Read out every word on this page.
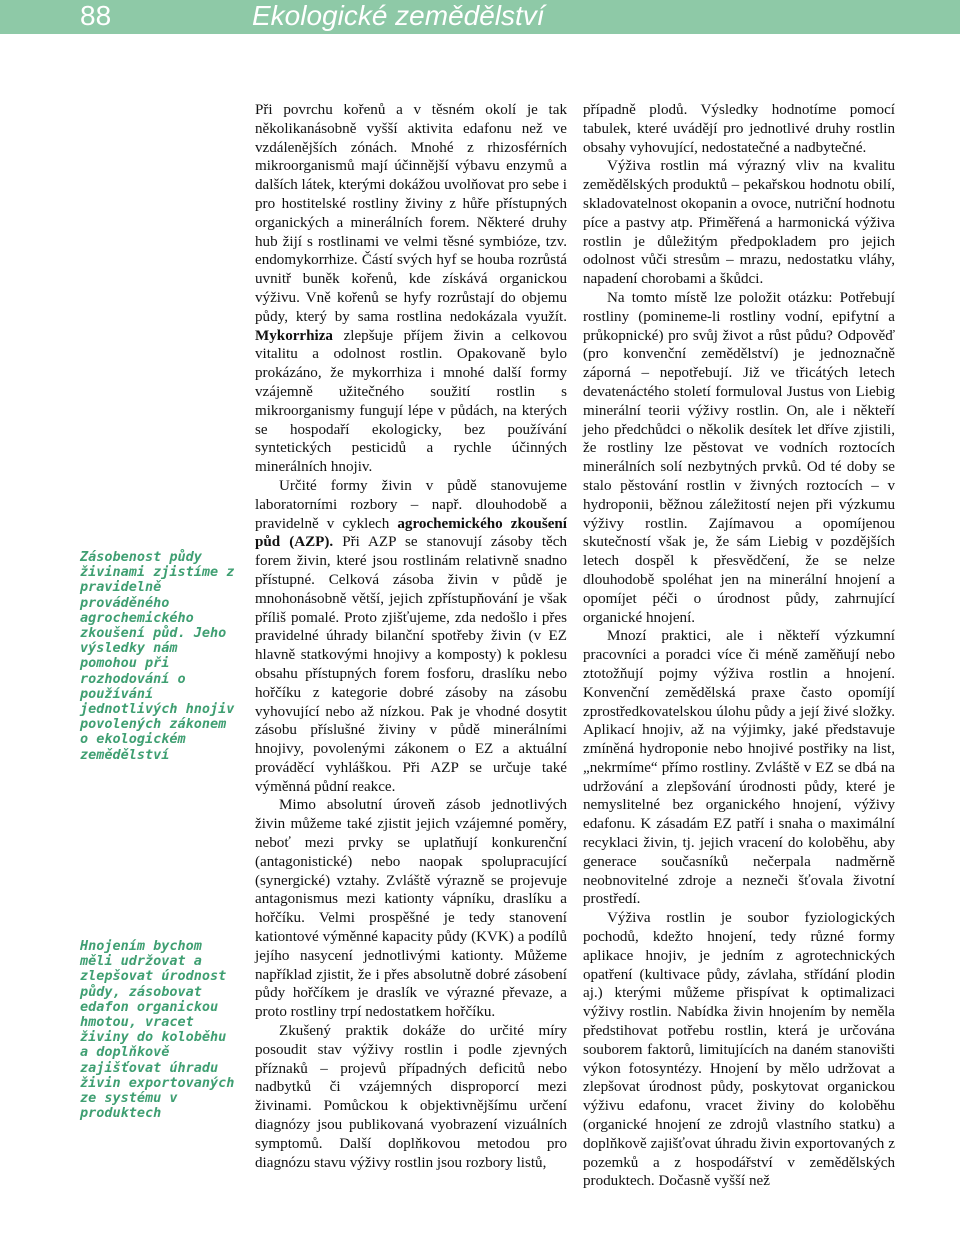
88	Ekologické zemědělství
Zásobenost půdy živinami zjistíme z pravidelně prováděného agrochemického zkoušení půd. Jeho výsledky nám pomohou při rozhodování o používání jednotlivých hnojiv povolených zákonem o ekologickém zemědělství
Hnojením bychom měli udržovat a zlepšovat úrodnost půdy, zásobovat edafon organickou hmotou, vracet živiny do koloběhu a doplňkově zajišťovat úhradu živin exportovaných ze systému v produktech

Při povrchu kořenů a v těsném okolí je tak několikanásobně vyšší aktivita edafonu než ve vzdálenějších zónách. Mnohé z rhizosférních mikroorganismů mají účinnější výbavu enzymů a dalších látek, kterými dokážou uvolňovat pro sebe i pro hostitelské rostliny živiny z hůře přístupných organických a minerálních forem. Některé druhy hub žijí s rostlinami ve velmi těsné symbióze, tzv. endomykorrhize. Částí svých hyf se houba rozrůstá uvnitř buněk kořenů, kde získává organickou výživu. Vně kořenů se hyfy rozrůstají do objemu půdy, který by sama rostlina nedokázala využít. Mykorrhiza zlepšuje příjem živin a celkovou vitalitu a odolnost rostlin. Opakovaně bylo prokázáno, že mykorrhiza i mnohé další formy vzájemně užitečného soužití rostlin s mikroorganismy fungují lépe v půdách, na kterých se hospodaří ekologicky, bez používání syntetických pesticidů a rychle účinných minerálních hnojiv.

Určité formy živin v půdě stanovujeme laboratorními rozbory – např. dlouhodobě a pravidelně v cyklech agrochemického zkoušení půd (AZP). Při AZP se stanovují zásoby těch forem živin, které jsou rostlinám relativně snadno přístupné. Celková zásoba živin v půdě je mnohonásobně větší, jejich zpřístupňování je však příliš pomalé. Proto zjišťujeme, zda nedošlo i přes pravidelné úhrady bilanční spotřeby živin (v EZ hlavně statkovými hnojivy a komposty) k poklesu obsahu přístupných forem fosforu, draslíku nebo hořčíku z kategorie dobré zásoby na zásobu vyhovující nebo až nízkou. Pak je vhodné dosytit zásobu příslušné živiny v půdě minerálními hnojivy, povolenými zákonem o EZ a aktuální prováděcí vyhláškou. Při AZP se určuje také výměnná půdní reakce.

Mimo absolutní úroveň zásob jednotlivých živin můžeme také zjistit jejich vzájemné poměry, neboť mezi prvky se uplatňují konkurenční (antagonistické) nebo naopak spolupracující (synergické) vztahy. Zvláště výrazně se projevuje antagonismus mezi kationty vápníku, draslíku a hořčíku. Velmi prospěšné je tedy stanovení kationtové výměnné kapacity půdy (KVK) a podílů jejího nasycení jednotlivými kationty. Můžeme například zjistit, že i přes absolutně dobré zásobení půdy hořčíkem je draslík ve výrazné převaze, a proto rostliny trpí nedostatkem hořčíku.

Zkušený praktik dokáže do určité míry posoudit stav výživy rostlin i podle zjevných příznaků – projevů případných deficitů nebo nadbytků či vzájemných disproporcí mezi živinami. Pomůckou k objektivnějšímu určení diagnózy jsou publikovaná vyobrazení vizuálních symptomů. Další doplňkovou metodou pro diagnózu stavu výživy rostlin jsou rozbory listů,

případně plodů. Výsledky hodnotíme pomocí tabulek, které uvádějí pro jednotlivé druhy rostlin obsahy vyhovující, nedostatečné a nadbytečné.

Výživa rostlin má výrazný vliv na kvalitu zemědělských produktů – pekařskou hodnotu obilí, skladovatelnost okopanin a ovoce, nutriční hodnotu píce a pastvy atp. Přiměřená a harmonická výživa rostlin je důležitým předpokladem pro jejich odolnost vůči stresům – mrazu, nedostatku vláhy, napadení chorobami a škůdci.

Na tomto místě lze položit otázku: Potřebují rostliny (pomineme-li rostliny vodní, epifytní a průkopnické) pro svůj život a růst půdu? Odpověď (pro konvenční zemědělství) je jednoznačně záporná – nepotřebují. Již ve třicátých letech devatenáctého století formuloval Justus von Liebig minerální teorii výživy rostlin. On, ale i někteří jeho předchůdci o několik desítek let dříve zjistili, že rostliny lze pěstovat ve vodních roztocích minerálních solí nezbytných prvků. Od té doby se stalo pěstování rostlin v živných roztocích – v hydroponii, běžnou záležitostí nejen při výzkumu výživy rostlin. Zajímavou a opomíjenou skutečností však je, že sám Liebig v pozdějších letech dospěl k přesvědčení, že se nelze dlouhodobě spoléhat jen na minerální hnojení a opomíjet péči o úrodnost půdy, zahrnující organické hnojení.

Mnozí praktici, ale i někteří výzkumní pracovníci a poradci více či méně zaměňují nebo ztotožňují pojmy výživa rostlin a hnojení. Konvenční zemědělská praxe často opomíjí zprostředkovatelskou úlohu půdy a její živé složky. Aplikací hnojiv, až na výjimky, jaké představuje zmíněná hydroponie nebo hnojivé postřiky na list, „nekrmíme“ přímo rostliny. Zvláště v EZ se dbá na udržování a zlepšování úrodnosti půdy, které je nemyslitelné bez organického hnojení, výživy edafonu. K zásadám EZ patří i snaha o maximální recyklaci živin, tj. jejich vracení do koloběhu, aby generace současníků nečerpala nadměrně neobnovitelné zdroje a nezneči šťovala životní prostředí.

Výživa rostlin je soubor fyziologických pochodů, kdežto hnojení, tedy různé formy aplikace hnojiv, je jedním z agrotechnických opatření (kultivace půdy, závlaha, střídání plodin aj.) kterými můžeme přispívat k optimalizaci výživy rostlin. Nabídka živin hnojením by neměla předstihovat potřebu rostlin, která je určována souborem faktorů, limitujících na daném stanovišti výkon fotosyntézy. Hnojení by mělo udržovat a zlepšovat úrodnost půdy, poskytovat organickou výživu edafonu, vracet živiny do koloběhu (organické hnojení ze zdrojů vlastního statku) a doplňkově zajišťovat úhradu živin exportovaných z pozemků a z hospodářství v zemědělských produktech. Dočasně vyšší než
